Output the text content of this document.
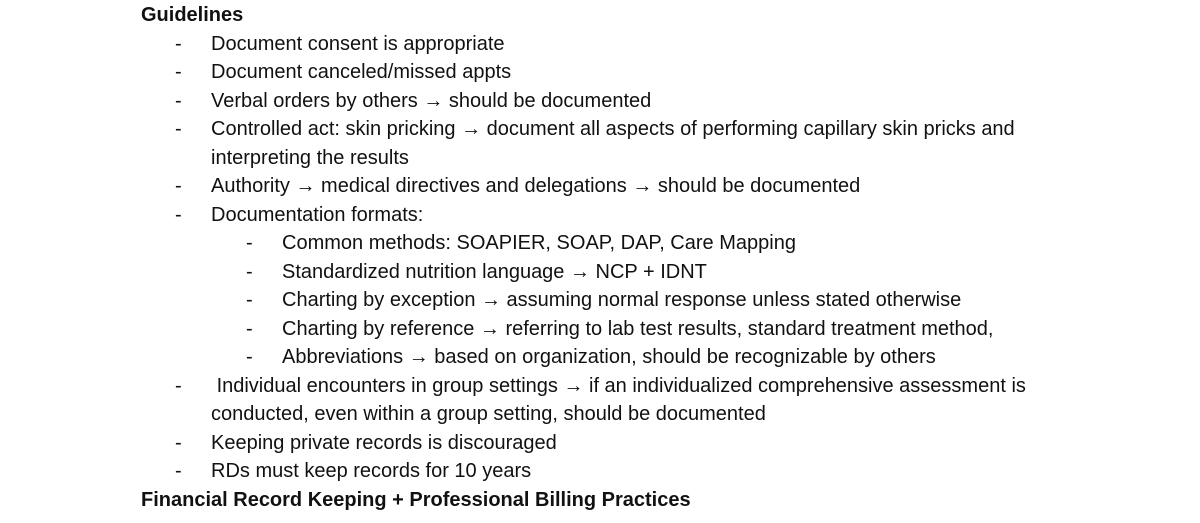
Guidelines
- Document consent is appropriate
- Document canceled/missed appts
- Verbal orders by others → should be documented
- Controlled act: skin pricking → document all aspects of performing capillary skin pricks and interpreting the results
- Authority → medical directives and delegations → should be documented
- Documentation formats:
- Common methods: SOAPIER, SOAP, DAP, Care Mapping
- Standardized nutrition language → NCP + IDNT
- Charting by exception → assuming normal response unless stated otherwise
- Charting by reference → referring to lab test results, standard treatment method,
- Abbreviations → based on organization, should be recognizable by others
- Individual encounters in group settings → if an individualized comprehensive assessment is conducted, even within a group setting, should be documented
- Keeping private records is discouraged
- RDs must keep records for 10 years
Financial Record Keeping + Professional Billing Practices
